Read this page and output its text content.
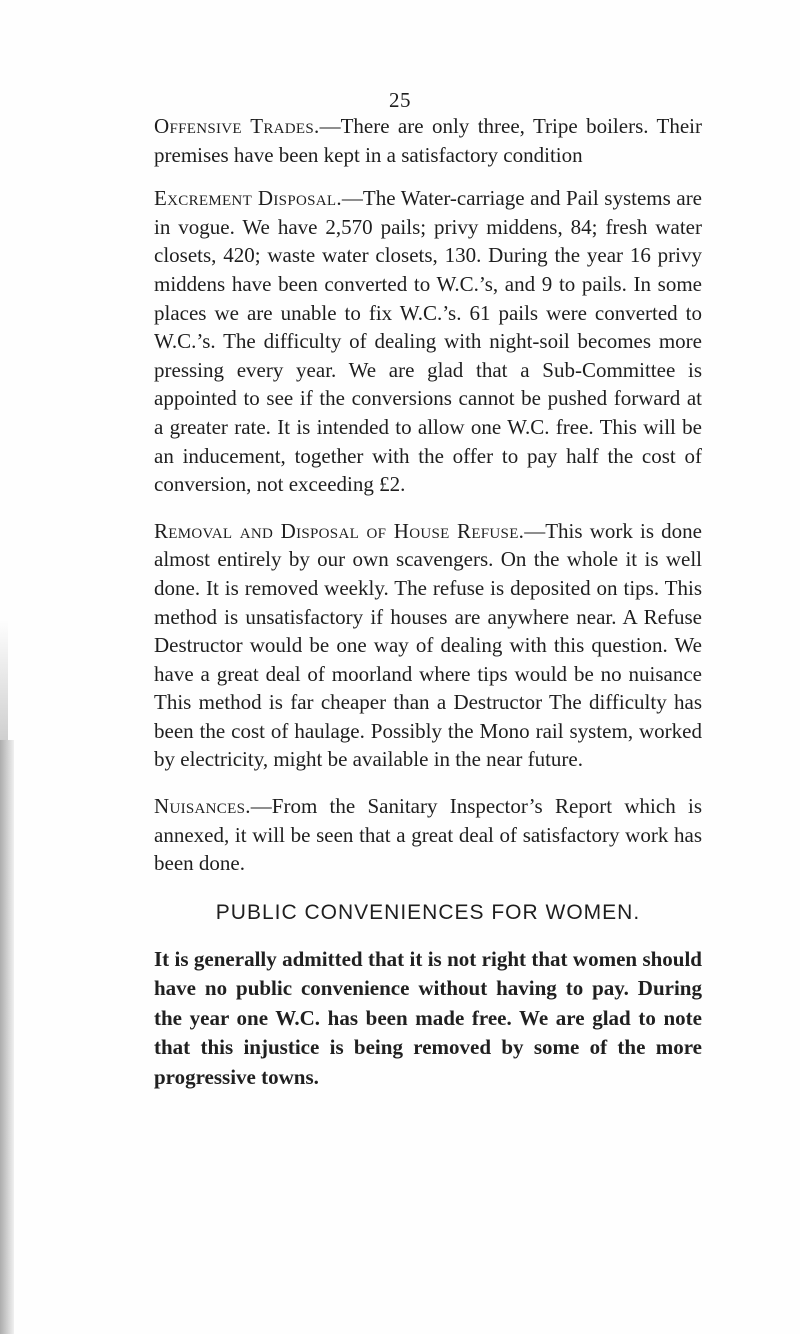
25

Offensive Trades.—There are only three, Tripe boilers. Their premises have been kept in a satisfactory condition

Excrement Disposal.—The Water-carriage and Pail systems are in vogue. We have 2,570 pails; privy middens, 84; fresh water closets, 420; waste water closets, 130. During the year 16 privy middens have been converted to W.C.’s, and 9 to pails. In some places we are unable to fix W.C.’s. 61 pails were converted to W.C.’s. The difficulty of dealing with night-soil becomes more pressing every year. We are glad that a Sub-Committee is appointed to see if the conversions cannot be pushed forward at a greater rate. It is intended to allow one W.C. free. This will be an inducement, together with the offer to pay half the cost of conversion, not exceeding £2.

Removal and Disposal of House Refuse.—This work is done almost entirely by our own scavengers. On the whole it is well done. It is removed weekly. The refuse is deposited on tips. This method is unsatisfactory if houses are anywhere near. A Refuse Destructor would be one way of dealing with this question. We have a great deal of moorland where tips would be no nuisance This method is far cheaper than a Destructor The difficulty has been the cost of haulage. Possibly the Mono rail system, worked by electricity, might be available in the near future.

Nuisances.—From the Sanitary Inspector’s Report which is annexed, it will be seen that a great deal of satisfactory work has been done.

PUBLIC CONVENIENCES FOR WOMEN.

It is generally admitted that it is not right that women should have no public convenience without having to pay. During the year one W.C. has been made free. We are glad to note that this injustice is being removed by some of the more progressive towns.
